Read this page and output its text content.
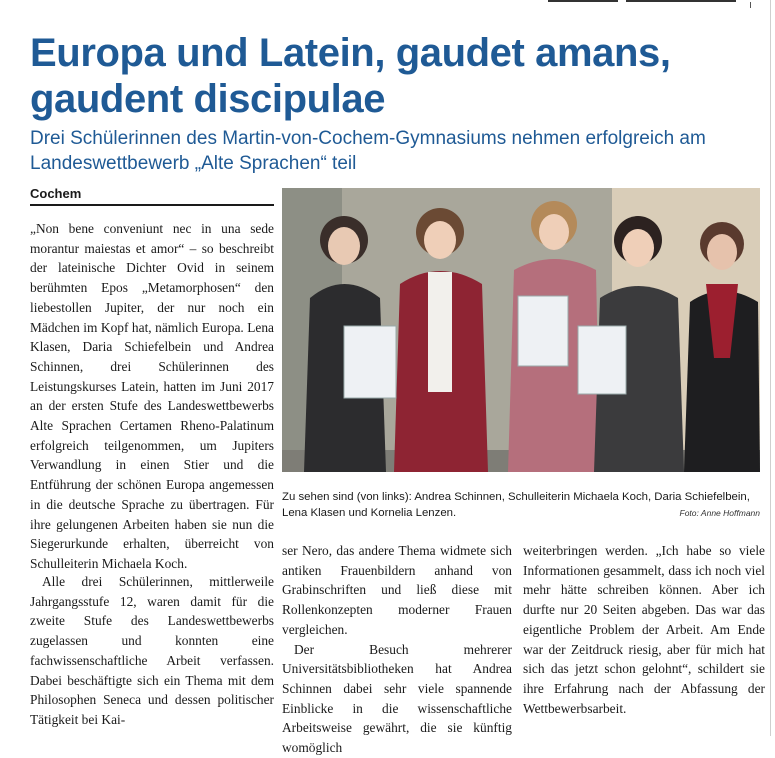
Europa und Latein, gaudet amans, gaudent discipulae

Drei Schülerinnen des Martin-von-Cochem-Gymnasiums nehmen erfolgreich am Landeswettbewerb „Alte Sprachen“ teil

Cochem

„Non bene conveniunt nec in una sede morantur maiestas et amor“ – so beschreibt der lateinische Dichter Ovid in seinem berühmten Epos „Metamorphosen“ den liebestollen Jupiter, der nur noch ein Mädchen im Kopf hat, nämlich Europa. Lena Klasen, Daria Schiefelbein und Andrea Schinnen, drei Schülerinnen des Leistungskurses Latein, hatten im Juni 2017 an der ersten Stufe des Landeswettbewerbs Alte Sprachen Certamen Rheno-Palatinum erfolgreich teilgenommen, um Jupiters Verwandlung in einen Stier und die Entführung der schönen Europa angemessen in die deutsche Sprache zu übertragen. Für ihre gelungenen Arbeiten haben sie nun die Siegerurkunde erhalten, überreicht von Schulleiterin Michaela Koch.

Alle drei Schülerinnen, mittlerweile Jahrgangsstufe 12, waren damit für die zweite Stufe des Landeswettbewerbs zugelassen und konnten eine fachwissenschaftliche Arbeit verfassen. Dabei beschäftigte sich ein Thema mit dem Philosophen Seneca und dessen politischer Tätigkeit bei Kai-

Zu sehen sind (von links): Andrea Schinnen, Schulleiterin Michaela Koch, Daria Schiefelbein, Lena Klasen und Kornelia Lenzen.	Foto: Anne Hoffmann

ser Nero, das andere Thema widmete sich antiken Frauenbildern anhand von Grabinschriften und ließ diese mit Rollenkonzepten moderner Frauen vergleichen.

Der Besuch mehrerer Universitätsbibliotheken hat Andrea Schinnen dabei sehr viele spannende Einblicke in die wissenschaftliche Arbeitsweise gewährt, die sie künftig womöglich

weiterbringen werden. „Ich habe so viele Informationen gesammelt, dass ich noch viel mehr hätte schreiben können. Aber ich durfte nur 20 Seiten abgeben. Das war das eigentliche Problem der Arbeit. Am Ende war der Zeitdruck riesig, aber für mich hat sich das jetzt schon gelohnt“, schildert sie ihre Erfahrung nach der Abfassung der Wettbewerbsarbeit.
